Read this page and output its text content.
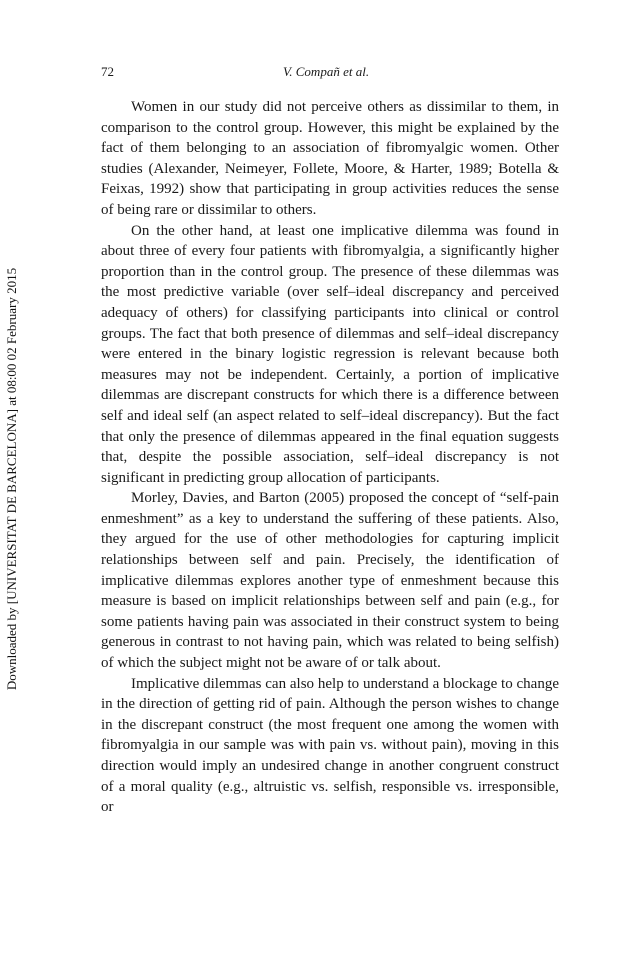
72	V. Compañ et al.
Downloaded by [UNIVERSITAT DE BARCELONA] at 08:00 02 February 2015

Women in our study did not perceive others as dissimilar to them, in comparison to the control group. However, this might be explained by the fact of them belonging to an association of fibromyalgic women. Other studies (Alexander, Neimeyer, Follete, Moore, & Harter, 1989; Botella & Feixas, 1992) show that participating in group activities reduces the sense of being rare or dissimilar to others.

On the other hand, at least one implicative dilemma was found in about three of every four patients with fibromyalgia, a significantly higher proportion than in the control group. The presence of these dilemmas was the most predictive variable (over self–ideal discrepancy and perceived adequacy of others) for classifying participants into clinical or control groups. The fact that both presence of dilemmas and self–ideal discrepancy were entered in the binary logistic regression is relevant because both measures may not be independent. Certainly, a portion of implicative dilemmas are discrepant constructs for which there is a difference between self and ideal self (an aspect related to self–ideal discrepancy). But the fact that only the presence of dilemmas appeared in the final equation suggests that, despite the possible association, self–ideal discrepancy is not significant in predicting group allocation of participants.

Morley, Davies, and Barton (2005) proposed the concept of “self-pain enmeshment” as a key to understand the suffering of these patients. Also, they argued for the use of other methodologies for capturing implicit relationships between self and pain. Precisely, the identification of implicative dilemmas explores another type of enmeshment because this measure is based on implicit relationships between self and pain (e.g., for some patients having pain was associated in their construct system to being generous in contrast to not having pain, which was related to being selfish) of which the subject might not be aware of or talk about.

Implicative dilemmas can also help to understand a blockage to change in the direction of getting rid of pain. Although the person wishes to change in the discrepant construct (the most frequent one among the women with fibromyalgia in our sample was with pain vs. without pain), moving in this direction would imply an undesired change in another congruent construct of a moral quality (e.g., altruistic vs. selfish, responsible vs. irresponsible, or
